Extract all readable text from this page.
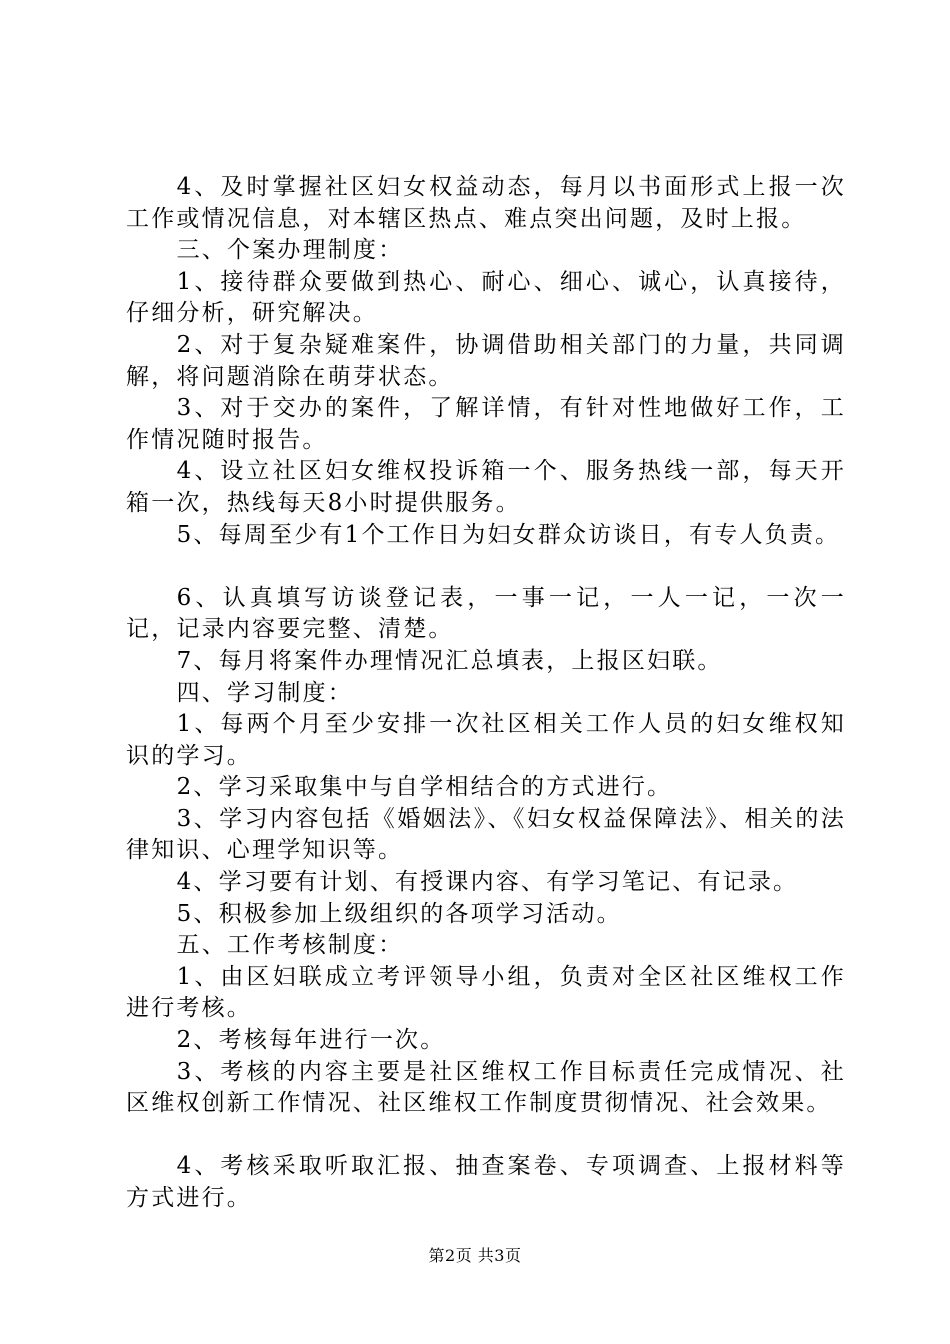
4、及时掌握社区妇女权益动态，每月以书面形式上报一次工作或情况信息，对本辖区热点、难点突出问题，及时上报。

三、个案办理制度：

1、接待群众要做到热心、耐心、细心、诚心，认真接待，仔细分析，研究解决。

2、对于复杂疑难案件，协调借助相关部门的力量，共同调解，将问题消除在萌芽状态。

3、对于交办的案件，了解详情，有针对性地做好工作，工作情况随时报告。

4、设立社区妇女维权投诉箱一个、服务热线一部，每天开箱一次，热线每天8小时提供服务。

5、每周至少有1个工作日为妇女群众访谈日，有专人负责。

6、认真填写访谈登记表，一事一记，一人一记，一次一记，记录内容要完整、清楚。

7、每月将案件办理情况汇总填表，上报区妇联。

四、学习制度：

1、每两个月至少安排一次社区相关工作人员的妇女维权知识的学习。

2、学习采取集中与自学相结合的方式进行。

3、学习内容包括《婚姻法》、《妇女权益保障法》、相关的法律知识、心理学知识等。

4、学习要有计划、有授课内容、有学习笔记、有记录。

5、积极参加上级组织的各项学习活动。

五、工作考核制度：

1、由区妇联成立考评领导小组，负责对全区社区维权工作进行考核。

2、考核每年进行一次。

3、考核的内容主要是社区维权工作目标责任完成情况、社区维权创新工作情况、社区维权工作制度贯彻情况、社会效果。

4、考核采取听取汇报、抽查案卷、专项调查、上报材料等方式进行。

第2页 共3页
